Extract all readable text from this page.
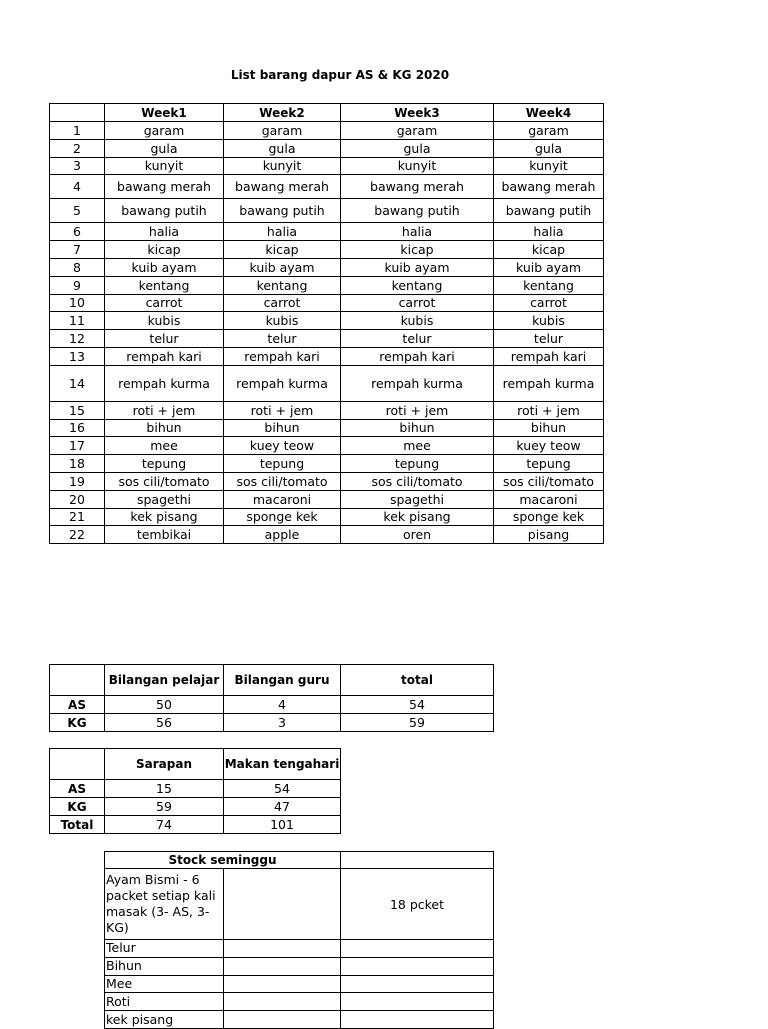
List barang dapur AS & KG 2020
	Week1	Week2	Week3	Week4
1	garam	garam	garam	garam
2	gula	gula	gula	gula
3	kunyit	kunyit	kunyit	kunyit
4	bawang merah	bawang merah	bawang merah	bawang merah
5	bawang putih	bawang putih	bawang putih	bawang putih
6	halia	halia	halia	halia
7	kicap	kicap	kicap	kicap
8	kuib ayam	kuib ayam	kuib ayam	kuib ayam
9	kentang	kentang	kentang	kentang
10	carrot	carrot	carrot	carrot
11	kubis	kubis	kubis	kubis
12	telur	telur	telur	telur
13	rempah kari	rempah kari	rempah kari	rempah kari
14	rempah kurma	rempah kurma	rempah kurma	rempah kurma
15	roti + jem	roti + jem	roti + jem	roti + jem
16	bihun	bihun	bihun	bihun
17	mee	kuey teow	mee	kuey teow
18	tepung	tepung	tepung	tepung
19	sos cili/tomato	sos cili/tomato	sos cili/tomato	sos cili/tomato
20	spagethi	macaroni	spagethi	macaroni
21	kek pisang	sponge kek	kek pisang	sponge kek
22	tembikai	apple	oren	pisang
	Bilangan pelajar	Bilangan guru	total
AS	50	4	54
KG	56	3	59
	Sarapan	Makan tengahari
AS	15	54
KG	59	47
Total	74	101
Stock seminggu		
Ayam Bismi - 6 packet setiap kali masak (3- AS, 3-KG)		18 pcket
Telur		
Bihun		
Mee		
Roti		
kek pisang		
